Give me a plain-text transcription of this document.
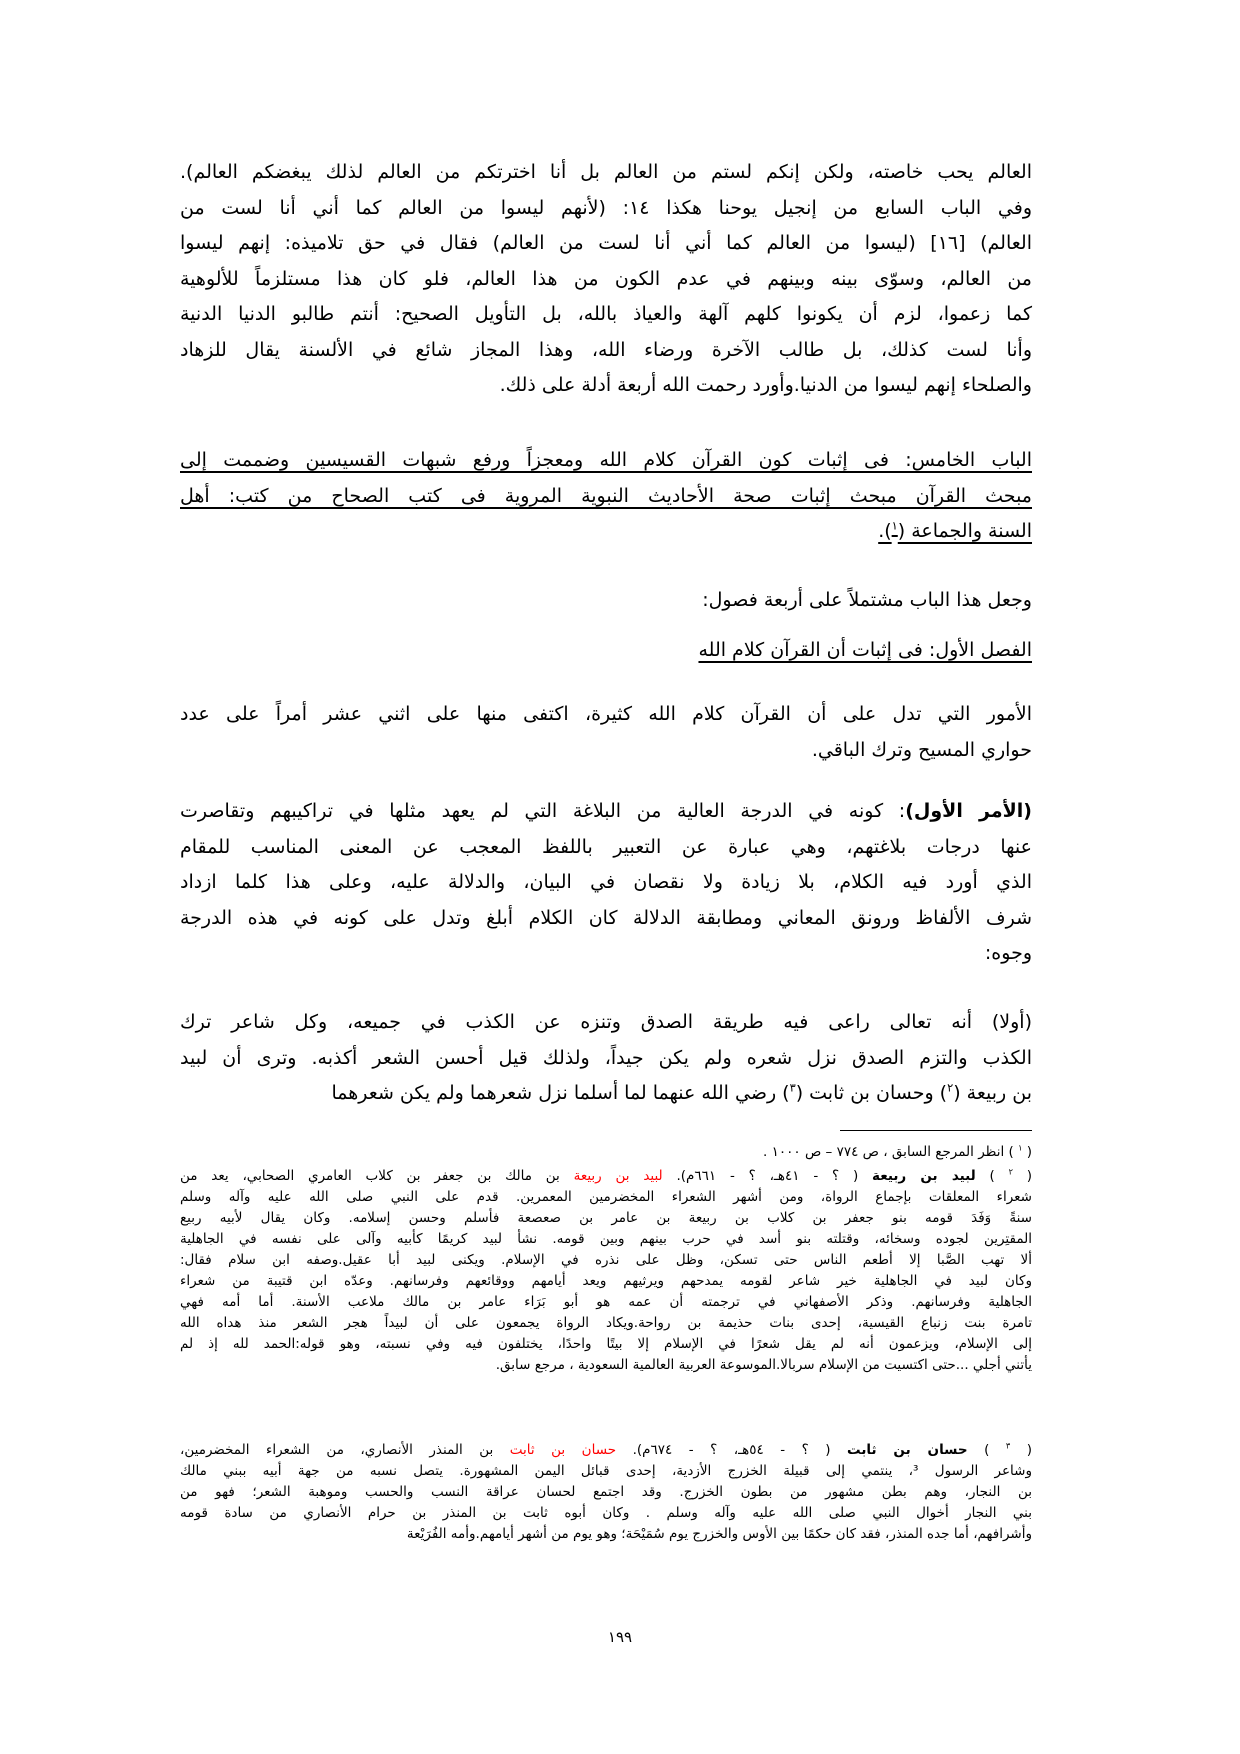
العالم يحب خاصته، ولكن إنكم لستم من العالم بل أنا اخترتكم من العالم لذلك يبغضكم العالم).
وفي الباب السابع من إنجيل يوحنا هكذا ١٤: (لأنهم ليسوا من العالم كما أني أنا لست من
العالم) [١٦] (ليسوا من العالم كما أني أنا لست من العالم) فقال في حق تلاميذه: إنهم ليسوا
من العالم، وسوّى بينه وبينهم في عدم الكون من هذا العالم، فلو كان هذا مستلزماً للألوهية
كما زعموا، لزم أن يكونوا كلهم آلهة والعياذ بالله، بل التأويل الصحيح: أنتم طالبو الدنيا الدنية
وأنا لست كذلك، بل طالب الآخرة ورضاء الله، وهذا المجاز شائع في الألسنة يقال للزهاد
والصلحاء إنهم ليسوا من الدنيا.وأورد رحمت الله أربعة أدلة على ذلك.
الباب الخامس: فى إثبات كون القرآن كلام الله ومعجزاً ورفع شبهات القسيسين وضممت إلى
مبحث القرآن مبحث إثبات صحة الأحاديث النبوية المروية فى كتب الصحاح من كتب: أهل
السنة والجماعة ($^١$).
وجعل هذا الباب مشتملاً على أربعة فصول:
الفصل الأول: فى إثبات أن القرآن كلام الله
الأمور التي تدل على أن القرآن كلام الله كثيرة، اكتفى منها على اثني عشر أمراً على عدد
حواري المسيح وترك الباقي.
(الأمر الأول): كونه في الدرجة العالية من البلاغة التي لم يعهد مثلها في تراكيبهم وتقاصرت
عنها درجات بلاغتهم، وهي عبارة عن التعبير باللفظ المعجب عن المعنى المناسب للمقام
الذي أورد فيه الكلام، بلا زيادة ولا نقصان في البيان، والدلالة عليه، وعلى هذا كلما ازداد
شرف الألفاظ ورونق المعاني ومطابقة الدلالة كان الكلام أبلغ وتدل على كونه في هذه الدرجة
وجوه:
(أولا) أنه تعالى راعى فيه طريقة الصدق وتنزه عن الكذب في جميعه، وكل شاعر ترك
الكذب والتزم الصدق نزل شعره ولم يكن جيداً، ولذلك قيل أحسن الشعر أكذبه. وترى أن لبيد
بن ربيعة ($^٢$) وحسان بن ثابت ($^٣$) رضي الله عنهما لما أسلما نزل شعرهما ولم يكن شعرهما
( $^١$ ) انظر المرجع السابق ، ص ٧٧٤ – ص ١٠٠٠ .
( $^٢$ ) لبيد بن ربيعة ( ؟ - ٤١هـ، ؟ - ٦٦١م). لبيد بن ربيعة بن مالك بن جعفر بن كلاب العامري الصحابي، يعد من
شعراء المعلقات بإجماع الرواة، ومن أشهر الشعراء المخضرمين المعمرين. قدم على النبي صلى الله عليه وآله وسلم
سنةً وَفَدَ قومه بنو جعفر بن كلاب بن ربيعة بن عامر بن صعصعة فأسلم وحسن إسلامه. وكان يقال لأبيه ربيع
المقتِرين لجوده وسخائه، وقتلته بنو أسد في حرب بينهم وبين قومه. نشأ لبيد كريمًا كأبيه وآلى على نفسه في الجاهلية
ألا تهب الصَّبا إلا أطعم الناس حتى تسكن، وظل على نذره في الإسلام. ويكنى لبيد أبا عقيل.وصفه ابن سلام فقال:
وكان لبيد في الجاهلية خير شاعر لقومه يمدحهم ويرثيهم ويعد أيامهم ووقائعهم وفرسانهم. وعدّه ابن قتيبة من شعراء
الجاهلية وفرسانهم. وذكر الأصفهاني في ترجمته أن عمه هو أبو بَرَاء عامر بن مالك ملاعب الأسنة. أما أمه فهي
تامرة بنت زنباع القيسية، إحدى بنات حذيمة بن رواحة.ويكاد الرواة يجمعون على أن لبيداً هجر الشعر منذ هداه الله
إلى الإسلام، ويزعمون أنه لم يقل شعرًا في الإسلام إلا بيتًا واحدًا، يختلفون فيه وفي نسبته، وهو قوله:الحمد لله إذ لم
يأتني أجلي ...حتى اكتسيت من الإسلام سربالا.الموسوعة العربية العالمية السعودية ، مرجع سابق.
( $^٣$ ) حسان بن ثابت ( ؟ - ٥٤هـ، ؟ - ٦٧٤م). حسان بن ثابت بن المنذر الأنصاري، من الشعراء المخضرمين،
وشاعر الرسول ³، ينتمي إلى قبيلة الخزرج الأزدية، إحدى قبائل اليمن المشهورة. يتصل نسبه من جهة أبيه ببني مالك
بن النجار، وهم بطن مشهور من بطون الخزرج. وقد اجتمع لحسان عراقة النسب والحسب وموهبة الشعر؛ فهو من
بني النجار أخوال النبي صلى الله عليه وآله وسلم . وكان أبوه ثابت بن المنذر بن حرام الأنصاري من سادة قومه
وأشرافهم، أما جده المنذر، فقد كان حكمًا بين الأوس والخزرج يوم سُمَيْحَة؛ وهو يوم من أشهر أيامهم.وأمه الفُرَيْعة
١٩٩
